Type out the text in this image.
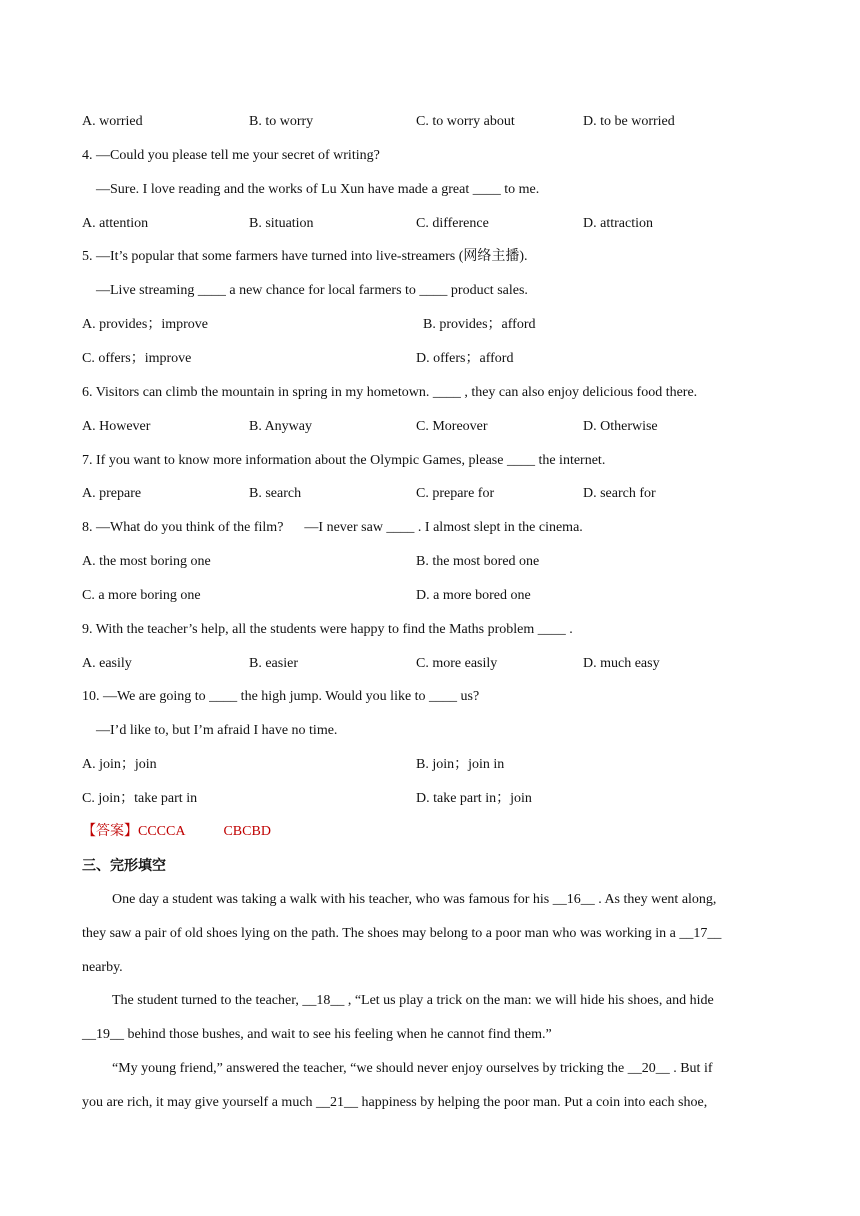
A. worried	B. to worry	C. to worry about	D. to be worried
4. —Could you please tell me your secret of writing?
—Sure. I love reading and the works of Lu Xun have made a great ____ to me.
A. attention	B. situation	C. difference	D. attraction
5. —It’s popular that some farmers have turned into live-streamers (网络主播).
—Live streaming ____ a new chance for local farmers to ____ product sales.
A. provides；improve	B. provides；afford
C. offers；improve	D. offers；afford
6. Visitors can climb the mountain in spring in my hometown. ____ , they can also enjoy delicious food there.
A. However	B. Anyway	C. Moreover	D. Otherwise
7. If you want to know more information about the Olympic Games, please ____ the internet.
A. prepare	B. search	C. prepare for	D. search for
8. —What do you think of the film?      —I never saw ____ . I almost slept in the cinema.
A. the most boring one	B. the most bored one
C. a more boring one	D. a more bored one
9. With the teacher’s help, all the students were happy to find the Maths problem ____ .
A. easily	B. easier	C. more easily	D. much easy
10. —We are going to ____ the high jump. Would you like to ____ us?
—I’d like to, but I’m afraid I have no time.
A. join；join	B. join；join in
C. join；take part in	D. take part in；join
【答案】CCCCA	CBCBD
三、完形填空
One day a student was taking a walk with his teacher, who was famous for his __16__ . As they went along,
they saw a pair of old shoes lying on the path. The shoes may belong to a poor man who was working in a __17__
nearby.
The student turned to the teacher, __18__ , “Let us play a trick on the man: we will hide his shoes, and hide
__19__ behind those bushes, and wait to see his feeling when he cannot find them.”
“My young friend,” answered the teacher, “we should never enjoy ourselves by tricking the __20__ . But if
you are rich, it may give yourself a much __21__ happiness by helping the poor man. Put a coin into each shoe,
